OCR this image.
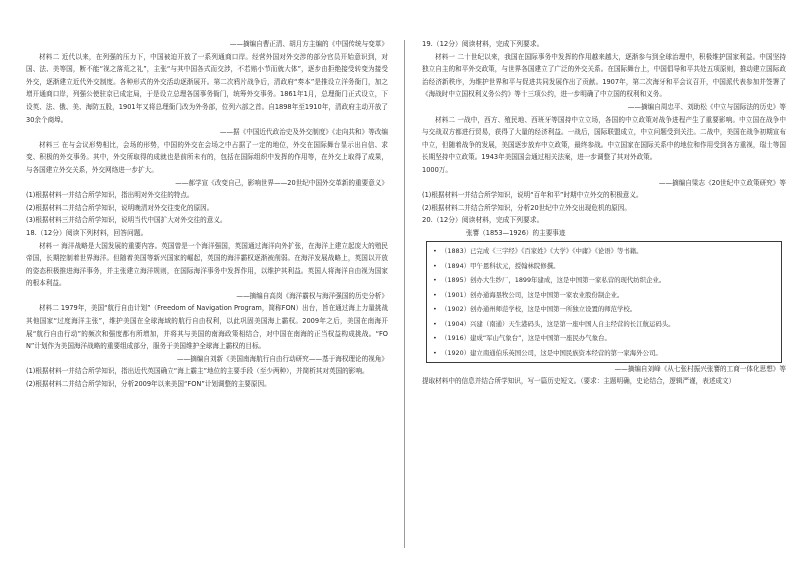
——摘编自曹正清、胡月方主编的《中国传统与变革》

材料二 近代以来，在列强的压力下，中国被迫开放了一系列通商口岸。经营外国对外交涉的部分官员开始意识到，对国、法、美等国，断不能“视之落荒之礼”，主张“与其中国各式而交涉，不若赔小节而就大体”，逐步由拒绝接受转变为接受外交，逐渐建立近代外交制度。各种形式的外交活动逐渐展开。第二次鸦片战争后，清政府“奏本”是推设立洋务衙门，加之增开通商口岸，列强公使驻京已成定局，于是设立总理各国事务衙门，统筹外交事务。1861年1月，总理衙门正式设立，下设英、法、俄、美、海防五股，1901年又将总理衙门改为外务部，位列六部之首。自1898年至1910年，清政府主动开放了30余个商埠。

——据《中国近代政治史及外交制度》《走向共和》等改编

材料三 在与会议形势相比，会场的形势，中国的外交在会场之中占据了一定的地位，外交在国际舞台显示出自信、求变、积极的外交事务。其中，外交所取得的成就也是前所未有的，包括在国际组织中发挥的作用等，在外交上取得了成果，与各国建立外交关系，外交网络进一步扩大。

——郝学宣《改变自己，影响世界——20世纪中国外交革新的重要意义》

(1)根据材料一并结合所学知识，指出明对外交往的特点。

(2)根据材料二并结合所学知识，说明晚清对外交往变化的原因。

(3)根据材料三并结合所学知识，说明当代中国扩大对外交往的意义。

18.（12分）阅读下列材料，回答问题。

材料一 海洋战略是大国发展的重要内容。英国曾是一个海洋强国，英国通过海洋向外扩张，在海洋上建立起庞大的殖民帝国，长期控制着世界海洋。但随着美国等新兴国家的崛起，英国的海洋霸权逐渐被削弱。在海洋发展战略上，英国以开放的姿态积极推进海洋事务，并主张建立海洋规则，在国际海洋事务中发挥作用，以维护其利益。英国人将海洋自由视为国家的根本利益。

——摘编自高岗《海洋霸权与海洋强国的历史分析》

材料二 1979年，美国“航行自由计划”（Freedom of Navigation Program，简称FON）出台，旨在通过海上力量挑战其他国家“过度海洋主张”，维护美国在全球海域的航行自由权利，以此巩固美国海上霸权。2009年之后，美国在南海开展“航行自由行动”的频次和强度都有所增加，并将其与美国的南海政策相结合，对中国在南海的正当权益构成挑战。“FON”计划作为美国海洋战略的重要组成部分，服务于美国维护全球海上霸权的目标。

——摘编自刘新《美国南海航行自由行动研究——基于海权理论的视角》

(1)根据材料一并结合所学知识，指出近代英国确立“海上霸主”地位的主要手段（至少两种），并简析其对英国的影响。

(2)根据材料二并结合所学知识，分析2009年以来美国“FON”计划调整的主要原因。

19.（12分）阅读材料，完成下列要求。

材料一 二十世纪以来，我国在国际事务中发挥的作用越来越大，逐渐参与到全球治理中，积极维护国家利益。中国坚持独立自主的和平外交政策，与世界各国建立了广泛的外交关系。在国际舞台上，中国倡导和平共处五项原则，推动建立国际政治经济新秩序，为维护世界和平与促进共同发展作出了贡献。1907年，第二次海牙和平会议召开，中国派代表参加并签署了《海战时中立国权利义务公约》等十三项公约，进一步明确了中立国的权利和义务。

——摘编自周忠平、刘助松《中立与国际法的历史》等

材料二 一战中，西方、殖民地、西班牙等国持中立立场，各国的中立政策对战争进程产生了重要影响。中立国在战争中与交战双方都进行贸易，获得了大量的经济利益。一战后，国际联盟成立，中立问题受到关注。二战中，美国在战争初期宣布中立，但随着战争的发展，美国逐步放弃中立政策，最终参战。中立国家在国际关系中的地位和作用受到各方重视，瑞士等国长期坚持中立政策。1943年美国国会通过相关法案，进一步调整了其对外政策。

1000万。

——摘编自梁志《20世纪中立政策研究》等

(1)根据材料一并结合所学知识，说明“百年和平”时期中立外交的积极意义。

(2)根据材料二并结合所学知识，分析20世纪中立外交出现危机的原因。

20.（12分）阅读材料，完成下列要求。

张謇（1853—1926）的主要事迹

• （1883）已完成《三字经》《百家姓》《大学》《中庸》《论语》等书籍。

• （1894）甲午恩科状元，授翰林院修撰。

• （1895）创办大生纱厂，1899年建成，这是中国第一家私营的现代纺织企业。

• （1901）创办通海垦牧公司，这是中国第一家农业股份制企业。

• （1902）创办通州师范学校，这是中国第一所独立设置的师范学校。

• （1904）兴建（南通）天生港码头，这是第一座中国人自主经营的长江航运码头。

• （1916）建成“军山气象台”，这是中国第一座民办气象台。

• （1920）建立南通伯乐英国公司，这是中国民族资本经营的第一家海外公司。

——摘编自刘峰《从七张村振兴张謇的工商一体化思想》等

提取材料中的信息并结合所学知识，写一篇历史短文。（要求：主题明确，史论结合，逻辑严谨，表述成文）
